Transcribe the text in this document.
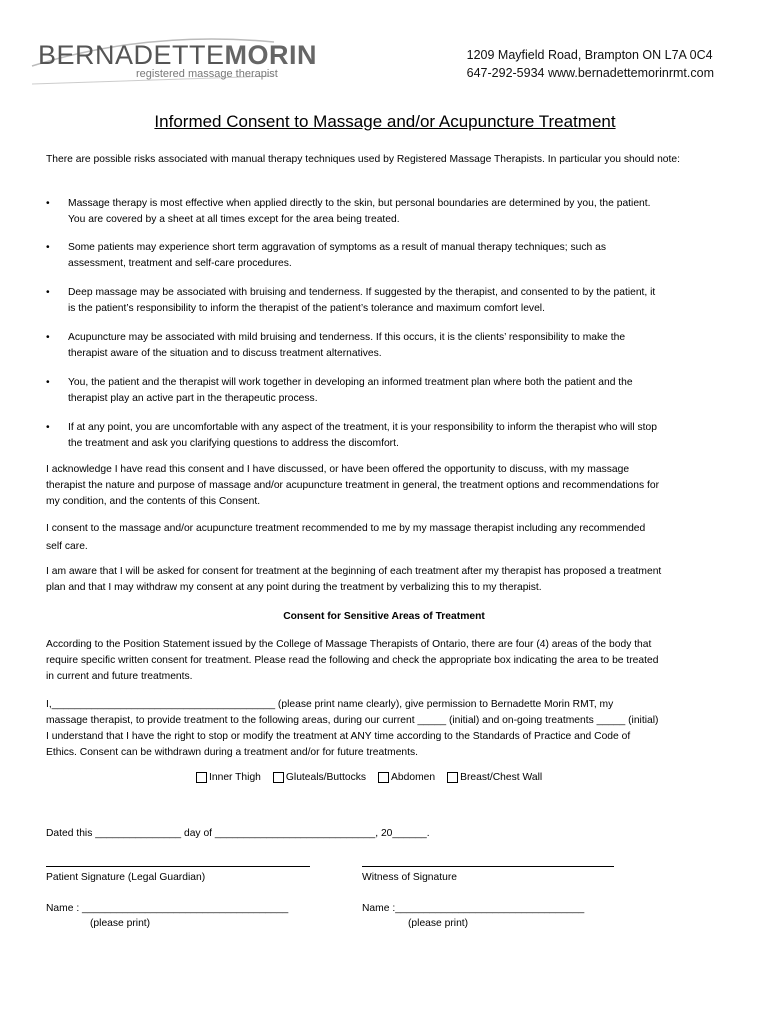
BERNADETTEMORIN
registered massage therapist
1209 Mayfield Road, Brampton ON L7A 0C4
647-292-5934 www.bernadettemorinrmt.com
Informed Consent to Massage and/or Acupuncture Treatment

There are possible risks associated with manual therapy techniques used by Registered Massage Therapists. In particular you should note:

• Massage therapy is most effective when applied directly to the skin, but personal boundaries are determined by you, the patient.
You are covered by a sheet at all times except for the area being treated.
• Some patients may experience short term aggravation of symptoms as a result of manual therapy techniques; such as
assessment, treatment and self-care procedures.
• Deep massage may be associated with bruising and tenderness. If suggested by the therapist, and consented to by the patient, it
is the patient’s responsibility to inform the therapist of the patient’s tolerance and maximum comfort level.
• Acupuncture may be associated with mild bruising and tenderness. If this occurs, it is the clients’ responsibility to make the
therapist aware of the situation and to discuss treatment alternatives.
• You, the patient and the therapist will work together in developing an informed treatment plan where both the patient and the
therapist play an active part in the therapeutic process.
• If at any point, you are uncomfortable with any aspect of the treatment, it is your responsibility to inform the therapist who will stop
the treatment and ask you clarifying questions to address the discomfort.
I acknowledge I have read this consent and I have discussed, or have been offered the opportunity to discuss, with my massage
therapist the nature and purpose of massage and/or acupuncture treatment in general, the treatment options and recommendations for
my condition, and the contents of this Consent.
I consent to the massage and/or acupuncture treatment recommended to me by my massage therapist including any recommended
self care.
I am aware that I will be asked for consent for treatment at the beginning of each treatment after my therapist has proposed a treatment
plan and that I may withdraw my consent at any point during the treatment by verbalizing this to my therapist.
Consent for Sensitive Areas of Treatment
According to the Position Statement issued by the College of Massage Therapists of Ontario, there are four (4) areas of the body that
require specific written consent for treatment. Please read the following and check the appropriate box indicating the area to be treated
in current and future treatments.
I,_______________________________________ (please print name clearly), give permission to Bernadette Morin RMT, my
massage therapist, to provide treatment to the following areas, during our current _____ (initial) and on-going treatments _____ (initial)
I understand that I have the right to stop or modify the treatment at ANY time according to the Standards of Practice and Code of
Ethics. Consent can be withdrawn during a treatment and/or for future treatments.
Inner Thigh Gluteals/Buttocks Abdomen Breast/Chest Wall
Dated this _______________ day of ____________________________, 20______.
Patient Signature (Legal Guardian)	Witness of Signature
Name : ____________________________________	Name :_________________________________
(please print)	(please print)
